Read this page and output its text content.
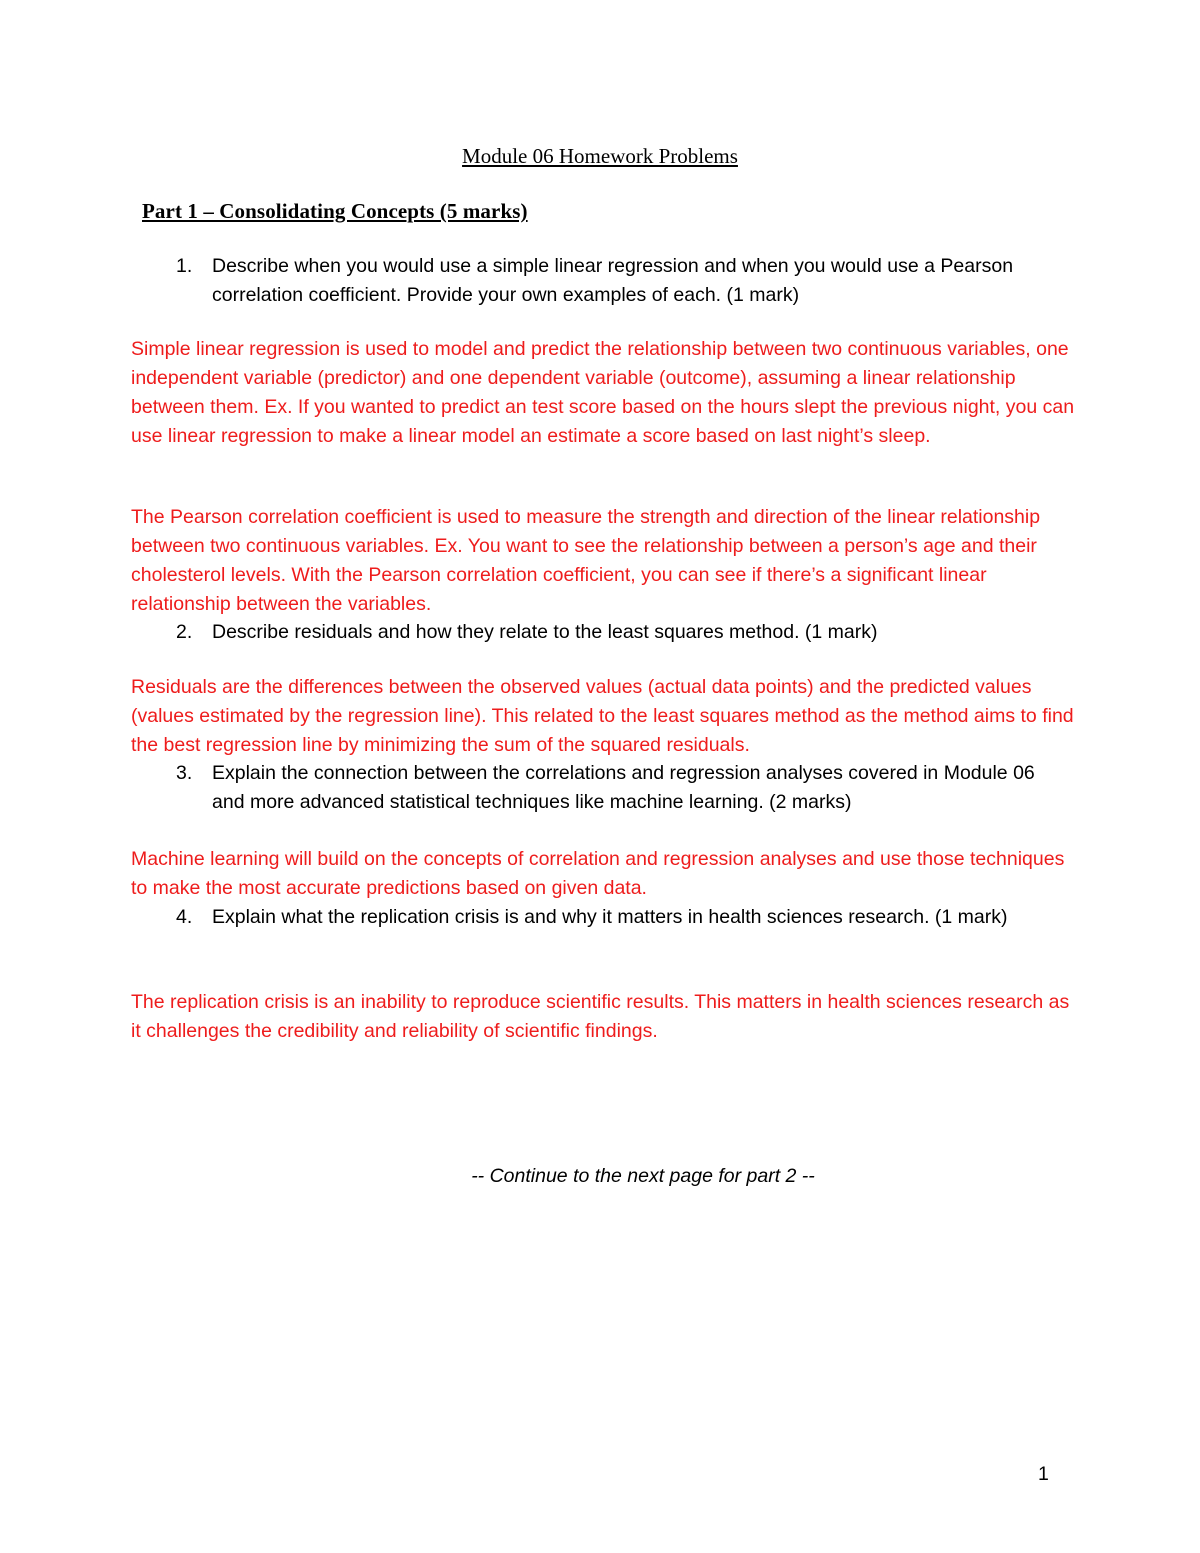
Module 06 Homework Problems
Part 1 – Consolidating Concepts (5 marks)
1. Describe when you would use a simple linear regression and when you would use a Pearson correlation coefficient. Provide your own examples of each. (1 mark)
Simple linear regression is used to model and predict the relationship between two continuous variables, one independent variable (predictor) and one dependent variable (outcome), assuming a linear relationship between them. Ex. If you wanted to predict an test score based on the hours slept the previous night, you can use linear regression to make a linear model an estimate a score based on last night’s sleep.
The Pearson correlation coefficient is used to measure the strength and direction of the linear relationship between two continuous variables. Ex. You want to see the relationship between a person’s age and their cholesterol levels. With the Pearson correlation coefficient, you can see if there’s a significant linear relationship between the variables.
2. Describe residuals and how they relate to the least squares method. (1 mark)
Residuals are the differences between the observed values (actual data points) and the predicted values (values estimated by the regression line). This related to the least squares method as the method aims to find the best regression line by minimizing the sum of the squared residuals.
3. Explain the connection between the correlations and regression analyses covered in Module 06 and more advanced statistical techniques like machine learning. (2 marks)
Machine learning will build on the concepts of correlation and regression analyses and use those techniques to make the most accurate predictions based on given data.
4. Explain what the replication crisis is and why it matters in health sciences research. (1 mark)
The replication crisis is an inability to reproduce scientific results. This matters in health sciences research as it challenges the credibility and reliability of scientific findings.
-- Continue to the next page for part 2 --
1
